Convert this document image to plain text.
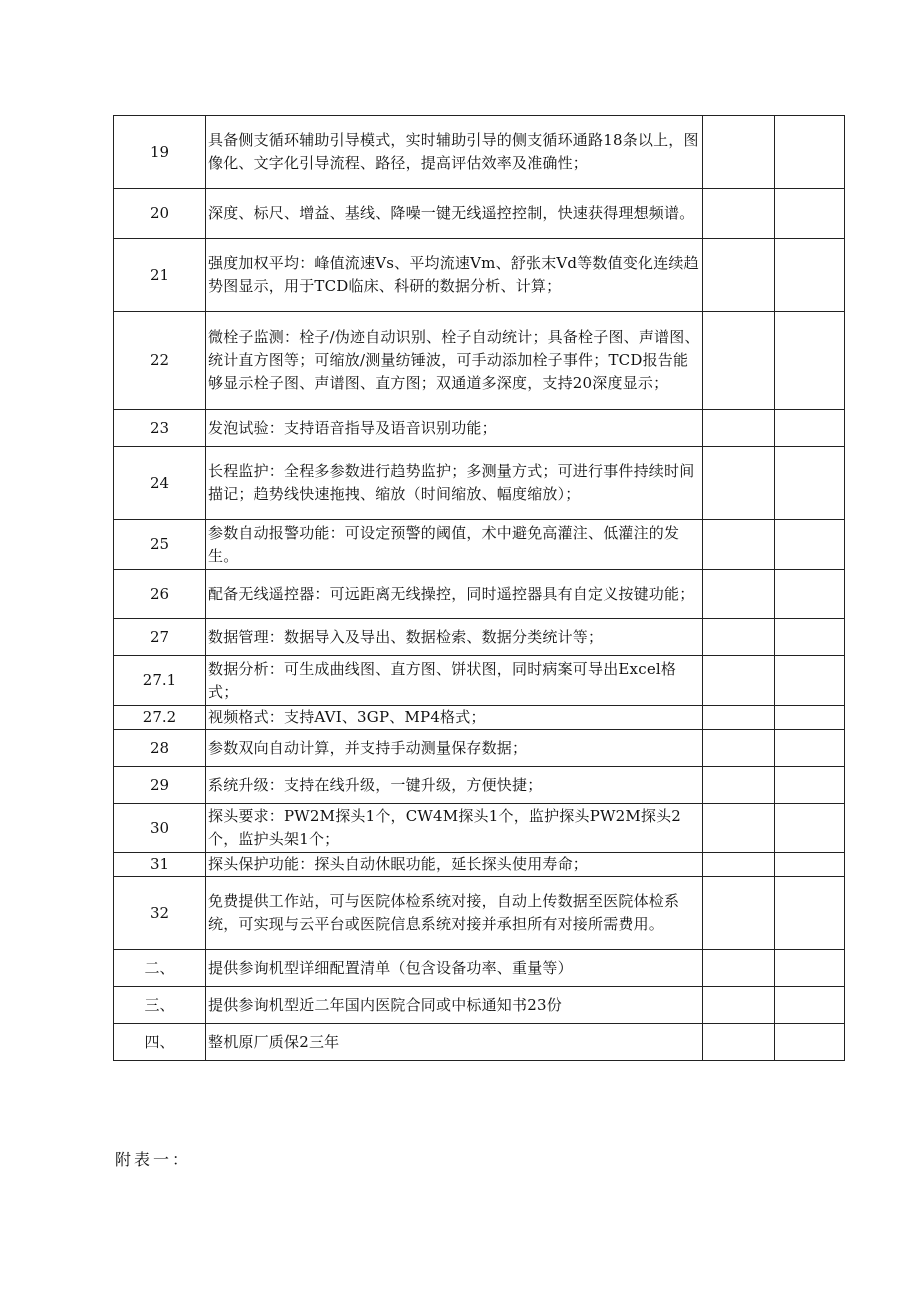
19	具备侧支循环辅助引导模式，实时辅助引导的侧支循环通路18条以上，图像化、文字化引导流程、路径，提高评估效率及准确性；		
20	深度、标尺、增益、基线、降噪一键无线遥控控制，快速获得理想频谱。		
21	强度加权平均：峰值流速Vs、平均流速Vm、舒张末Vd等数值变化连续趋势图显示，用于TCD临床、科研的数据分析、计算；		
22	微栓子监测：栓子/伪迹自动识别、栓子自动统计；具备栓子图、声谱图、统计直方图等；可缩放/测量纺锤波，可手动添加栓子事件；TCD报告能够显示栓子图、声谱图、直方图；双通道多深度，支持20深度显示；		
23	发泡试验：支持语音指导及语音识别功能；		
24	长程监护：全程多参数进行趋势监护；多测量方式；可进行事件持续时间描记；趋势线快速拖拽、缩放（时间缩放、幅度缩放）；		
25	参数自动报警功能：可设定预警的阈值，术中避免高灌注、低灌注的发生。		
26	配备无线遥控器：可远距离无线操控，同时遥控器具有自定义按键功能；		
27	数据管理：数据导入及导出、数据检索、数据分类统计等；		
27.1	数据分析：可生成曲线图、直方图、饼状图，同时病案可导出Excel格式；		
27.2	视频格式：支持AVI、3GP、MP4格式；		
28	参数双向自动计算，并支持手动测量保存数据；		
29	系统升级：支持在线升级，一键升级，方便快捷；		
30	探头要求：PW2M探头1个，CW4M探头1个，监护探头PW2M探头2个，监护头架1个；		
31	探头保护功能：探头自动休眠功能，延长探头使用寿命；		
32	免费提供工作站，可与医院体检系统对接，自动上传数据至医院体检系统，可实现与云平台或医院信息系统对接并承担所有对接所需费用。		
二、	提供参询机型详细配置清单（包含设备功率、重量等）		
三、	提供参询机型近二年国内医院合同或中标通知书23份		
四、	整机原厂质保2三年		
附表一：
